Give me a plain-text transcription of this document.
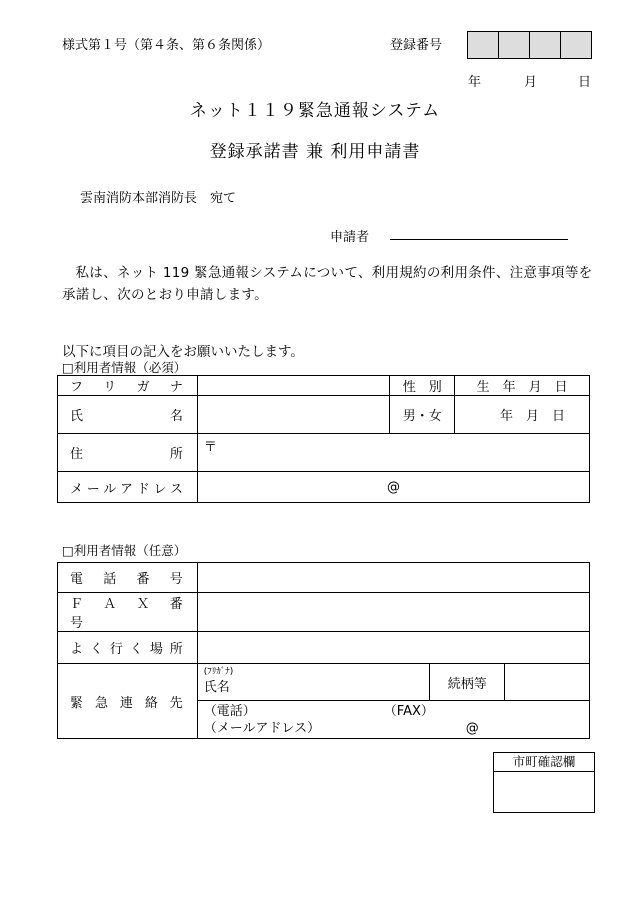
様式第１号（第４条、第６条関係）	登録番号
年	月	日
ネット１１９緊急通報システム
登録承諾書 兼 利用申請書
雲南消防本部消防長　宛て
申請者
私は、ネット 119 緊急通報システムについて、利用規約の利用条件、注意事項等を承諾し、次のとおり申請します。
以下に項目の記入をお願いいたします。
□利用者情報（必須）
フ　リ　ガ　ナ		性　別	生　年　月　日
氏　　　　　名		男・女	年　月　日
住　　　　　所	〒		
メールアドレス	@		
□利用者情報（任意）
電　話　番　号			
Ｆ　Ａ　Ｘ　番　号			
よく行く場所			
緊急連絡先	(ﾌﾘｶﾞﾅ)
氏名	続柄等	

	（電話） （FAX）
（メールアドレス） @		
市町確認欄
